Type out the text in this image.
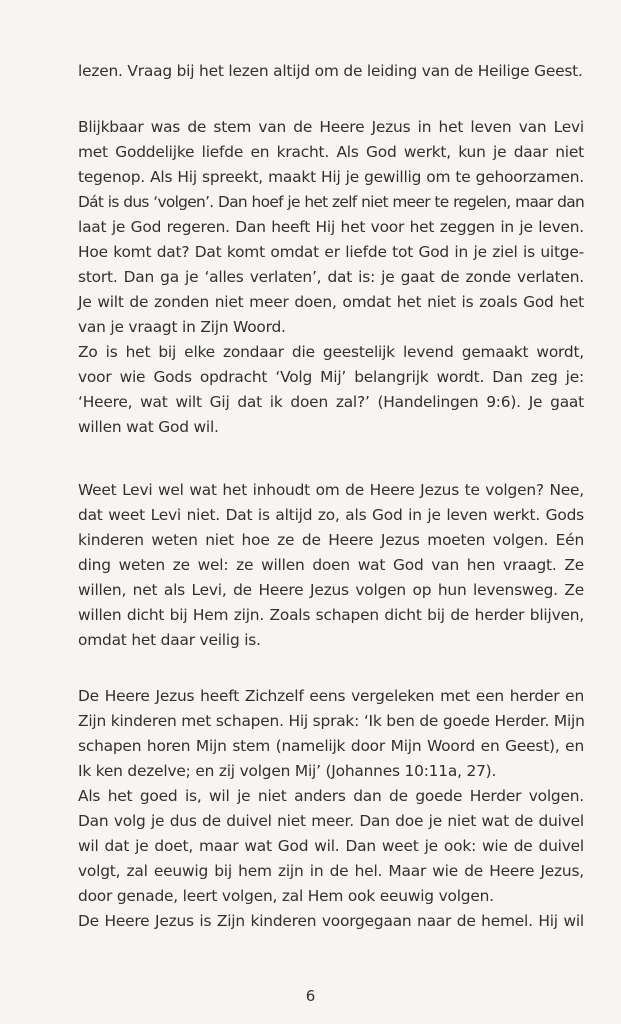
lezen. Vraag bij het lezen altijd om de leiding van de Heilige Geest.

Blijkbaar was de stem van de Heere Jezus in het leven van Levi

met Goddelijke liefde en kracht. Als God werkt, kun je daar niet

tegenop. Als Hij spreekt, maakt Hij je gewillig om te gehoorzamen.

Dát is dus ‘volgen’. Dan hoef je het zelf niet meer te regelen, maar dan

laat je God regeren. Dan heeft Hij het voor het zeggen in je leven.

Hoe komt dat? Dat komt omdat er liefde tot God in je ziel is uitge-

stort. Dan ga je ‘alles verlaten’, dat is: je gaat de zonde verlaten.

Je wilt de zonden niet meer doen, omdat het niet is zoals God het

van je vraagt in Zijn Woord.

Zo is het bij elke zondaar die geestelijk levend gemaakt wordt,

voor wie Gods opdracht ‘Volg Mij’ belangrijk wordt. Dan zeg je:

‘Heere, wat wilt Gij dat ik doen zal?’ (Handelingen 9:6). Je gaat

willen wat God wil.

Weet Levi wel wat het inhoudt om de Heere Jezus te volgen? Nee,

dat weet Levi niet. Dat is altijd zo, als God in je leven werkt. Gods

kinderen weten niet hoe ze de Heere Jezus moeten volgen. Eén

ding weten ze wel: ze willen doen wat God van hen vraagt. Ze

willen, net als Levi, de Heere Jezus volgen op hun levensweg. Ze

willen dicht bij Hem zijn. Zoals schapen dicht bij de herder blijven,

omdat het daar veilig is.

De Heere Jezus heeft Zichzelf eens vergeleken met een herder en

Zijn kinderen met schapen. Hij sprak: ‘Ik ben de goede Herder. Mijn

schapen horen Mijn stem (namelijk door Mijn Woord en Geest), en

Ik ken dezelve; en zij volgen Mij’ (Johannes 10:11a, 27).

Als het goed is, wil je niet anders dan de goede Herder volgen.

Dan volg je dus de duivel niet meer. Dan doe je niet wat de duivel

wil dat je doet, maar wat God wil. Dan weet je ook: wie de duivel

volgt, zal eeuwig bij hem zijn in de hel. Maar wie de Heere Jezus,

door genade, leert volgen, zal Hem ook eeuwig volgen.

De Heere Jezus is Zijn kinderen voorgegaan naar de hemel. Hij wil

6
